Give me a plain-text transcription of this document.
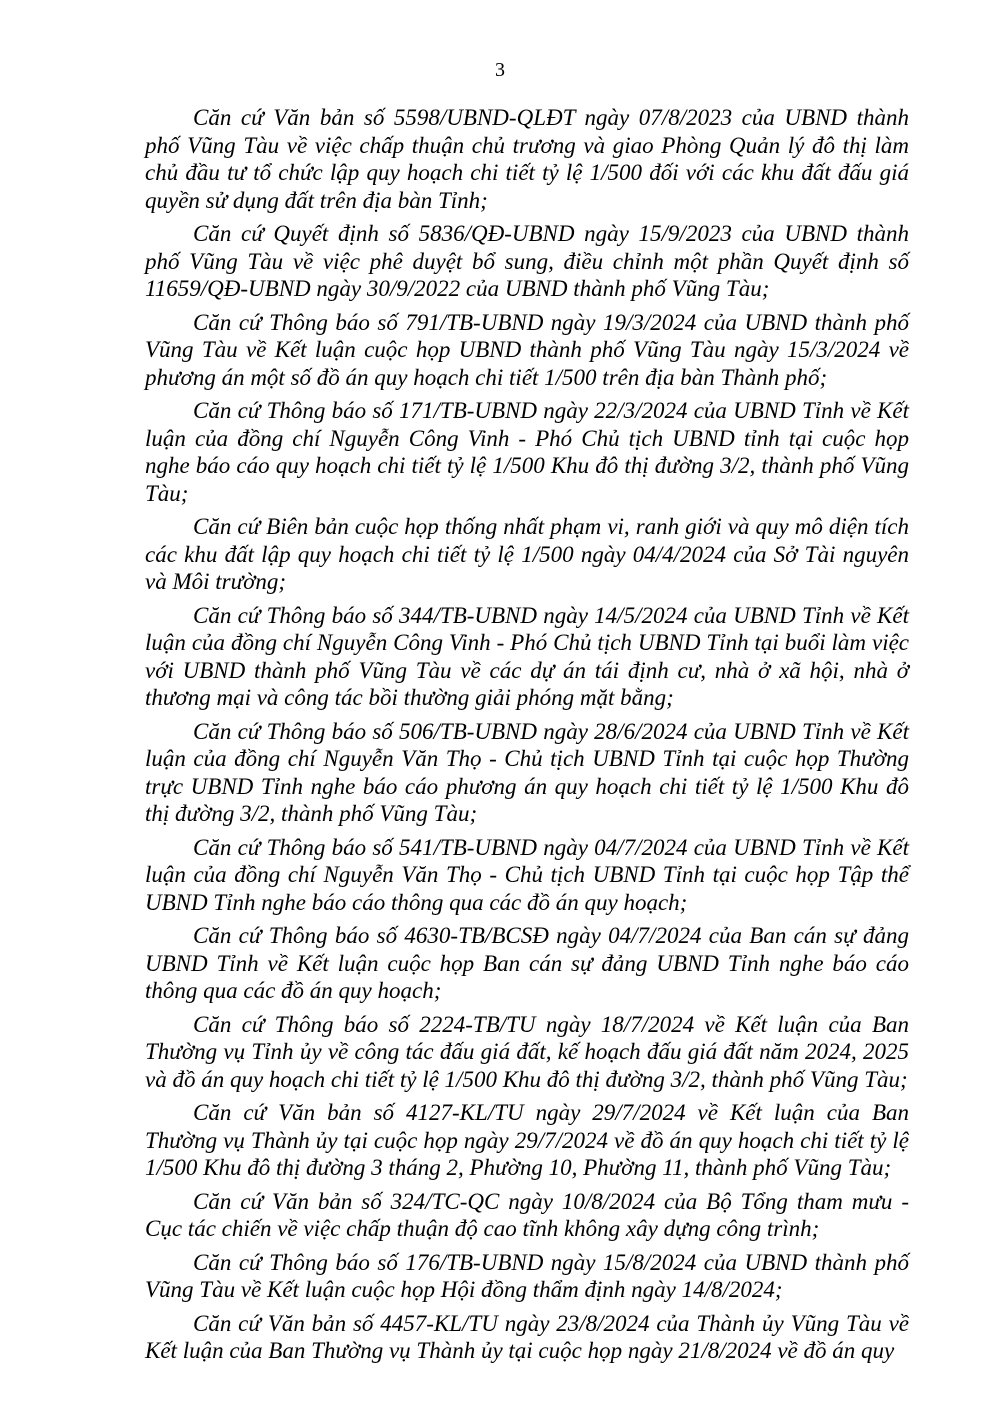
3

Căn cứ Văn bản số 5598/UBND-QLĐT ngày 07/8/2023 của UBND thành phố Vũng Tàu về việc chấp thuận chủ trương và giao Phòng Quản lý đô thị làm chủ đầu tư tổ chức lập quy hoạch chi tiết tỷ lệ 1/500 đối với các khu đất đấu giá quyền sử dụng đất trên địa bàn Tỉnh;

Căn cứ Quyết định số 5836/QĐ-UBND ngày 15/9/2023 của UBND thành phố Vũng Tàu về việc phê duyệt bổ sung, điều chỉnh một phần Quyết định số 11659/QĐ-UBND ngày 30/9/2022 của UBND thành phố Vũng Tàu;

Căn cứ Thông báo số 791/TB-UBND ngày 19/3/2024 của UBND thành phố Vũng Tàu về Kết luận cuộc họp UBND thành phố Vũng Tàu ngày 15/3/2024 về phương án một số đồ án quy hoạch chi tiết 1/500 trên địa bàn Thành phố;

Căn cứ Thông báo số 171/TB-UBND ngày 22/3/2024 của UBND Tỉnh về Kết luận của đồng chí Nguyễn Công Vinh - Phó Chủ tịch UBND tỉnh tại cuộc họp nghe báo cáo quy hoạch chi tiết tỷ lệ 1/500 Khu đô thị đường 3/2, thành phố Vũng Tàu;

Căn cứ Biên bản cuộc họp thống nhất phạm vi, ranh giới và quy mô diện tích các khu đất lập quy hoạch chi tiết tỷ lệ 1/500 ngày 04/4/2024 của Sở Tài nguyên và Môi trường;

Căn cứ Thông báo số 344/TB-UBND ngày 14/5/2024 của UBND Tỉnh về Kết luận của đồng chí Nguyễn Công Vinh - Phó Chủ tịch UBND Tỉnh tại buổi làm việc với UBND thành phố Vũng Tàu về các dự án tái định cư, nhà ở xã hội, nhà ở thương mại và công tác bồi thường giải phóng mặt bằng;

Căn cứ Thông báo số 506/TB-UBND ngày 28/6/2024 của UBND Tỉnh về Kết luận của đồng chí Nguyễn Văn Thọ - Chủ tịch UBND Tỉnh tại cuộc họp Thường trực UBND Tỉnh nghe báo cáo phương án quy hoạch chi tiết tỷ lệ 1/500 Khu đô thị đường 3/2, thành phố Vũng Tàu;

Căn cứ Thông báo số 541/TB-UBND ngày 04/7/2024 của UBND Tỉnh về Kết luận của đồng chí Nguyễn Văn Thọ - Chủ tịch UBND Tỉnh tại cuộc họp Tập thể UBND Tỉnh nghe báo cáo thông qua các đồ án quy hoạch;

Căn cứ Thông báo số 4630-TB/BCSĐ ngày 04/7/2024 của Ban cán sự đảng UBND Tỉnh về Kết luận cuộc họp Ban cán sự đảng UBND Tỉnh nghe báo cáo thông qua các đồ án quy hoạch;

Căn cứ Thông báo số 2224-TB/TU ngày 18/7/2024 về Kết luận của Ban Thường vụ Tỉnh ủy về công tác đấu giá đất, kế hoạch đấu giá đất năm 2024, 2025 và đồ án quy hoạch chi tiết tỷ lệ 1/500 Khu đô thị đường 3/2, thành phố Vũng Tàu;

Căn cứ Văn bản số 4127-KL/TU ngày 29/7/2024 về Kết luận của Ban Thường vụ Thành ủy tại cuộc họp ngày 29/7/2024 về đồ án quy hoạch chi tiết tỷ lệ 1/500 Khu đô thị đường 3 tháng 2, Phường 10, Phường 11, thành phố Vũng Tàu;

Căn cứ Văn bản số 324/TC-QC ngày 10/8/2024 của Bộ Tổng tham mưu - Cục tác chiến về việc chấp thuận độ cao tĩnh không xây dựng công trình;

Căn cứ Thông báo số 176/TB-UBND ngày 15/8/2024 của UBND thành phố Vũng Tàu về Kết luận cuộc họp Hội đồng thẩm định ngày 14/8/2024;

Căn cứ Văn bản số 4457-KL/TU ngày 23/8/2024 của Thành ủy Vũng Tàu về Kết luận của Ban Thường vụ Thành ủy tại cuộc họp ngày 21/8/2024 về đồ án quy
